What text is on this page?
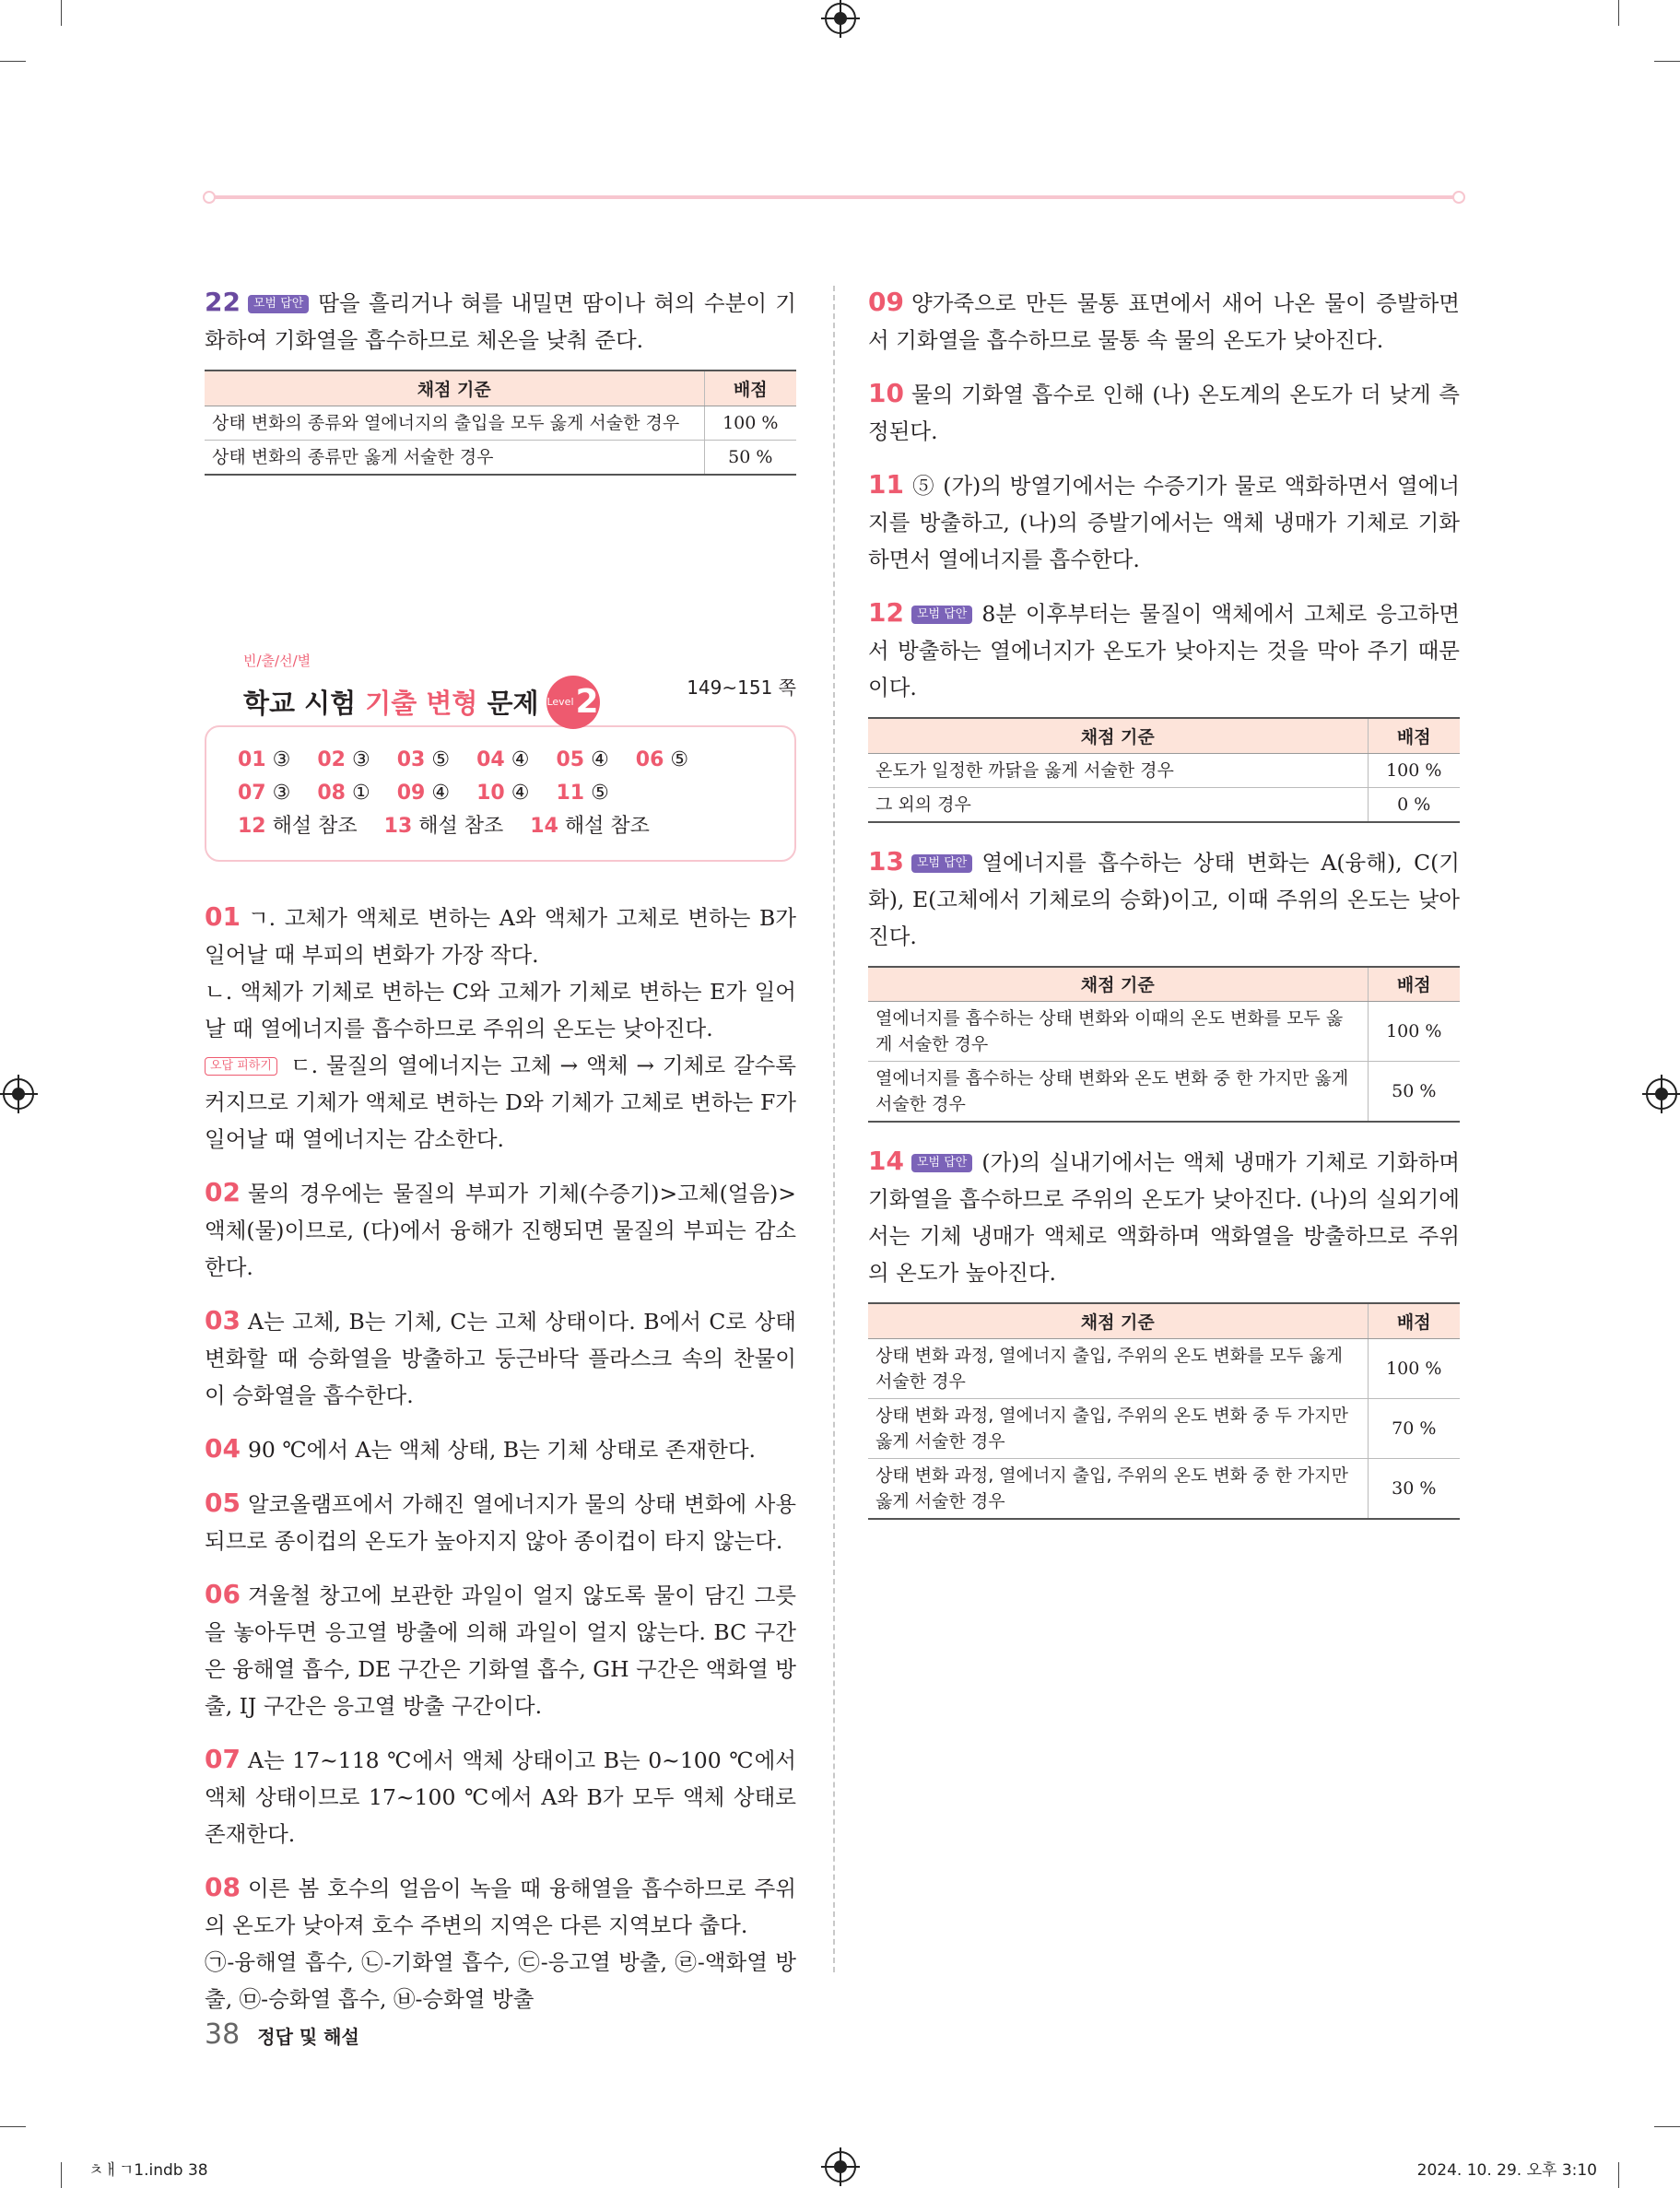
22 모범 답안 땀을 흘리거나 혀를 내밀면 땀이나 혀의 수분이 기화하여 기화열을 흡수하므로 체온을 낮춰 준다.

채점 기준	배점
상태 변화의 종류와 열에너지의 출입을 모두 옳게 서술한 경우	100 %
상태 변화의 종류만 옳게 서술한 경우	50 %
빈/출/선/별
학교 시험 기출 변형 문제 Level 2	149~151 쪽
01 ③ 02 ③ 03 ⑤ 04 ④ 05 ④ 06 ⑤ 07 ③ 08 ① 09 ④ 10 ④ 11 ⑤ 12 해설 참조 13 해설 참조 14 해설 참조

01 ㄱ. 고체가 액체로 변하는 A와 액체가 고체로 변하는 B가 일어날 때 부피의 변화가 가장 작다.

ㄴ. 액체가 기체로 변하는 C와 고체가 기체로 변하는 E가 일어날 때 열에너지를 흡수하므로 주위의 온도는 낮아진다.

오답 피하기 ㄷ. 물질의 열에너지는 고체 → 액체 → 기체로 갈수록 커지므로 기체가 액체로 변하는 D와 기체가 고체로 변하는 F가 일어날 때 열에너지는 감소한다.

02 물의 경우에는 물질의 부피가 기체(수증기)>고체(얼음)>액체(물)이므로, (다)에서 융해가 진행되면 물질의 부피는 감소한다.

03 A는 고체, B는 기체, C는 고체 상태이다. B에서 C로 상태 변화할 때 승화열을 방출하고 둥근바닥 플라스크 속의 찬물이 이 승화열을 흡수한다.

04 90 ℃에서 A는 액체 상태, B는 기체 상태로 존재한다.

05 알코올램프에서 가해진 열에너지가 물의 상태 변화에 사용되므로 종이컵의 온도가 높아지지 않아 종이컵이 타지 않는다.

06 겨울철 창고에 보관한 과일이 얼지 않도록 물이 담긴 그릇을 놓아두면 응고열 방출에 의해 과일이 얼지 않는다. BC 구간은 융해열 흡수, DE 구간은 기화열 흡수, GH 구간은 액화열 방출, IJ 구간은 응고열 방출 구간이다.

07 A는 17~118 ℃에서 액체 상태이고 B는 0~100 ℃에서 액체 상태이므로 17~100 ℃에서 A와 B가 모두 액체 상태로 존재한다.

08 이른 봄 호수의 얼음이 녹을 때 융해열을 흡수하므로 주위의 온도가 낮아져 호수 주변의 지역은 다른 지역보다 춥다.

㉠-융해열 흡수, ㉡-기화열 흡수, ㉢-응고열 방출, ㉣-액화열 방출, ㉤-승화열 흡수, ㉥-승화열 방출

09 양가죽으로 만든 물통 표면에서 새어 나온 물이 증발하면서 기화열을 흡수하므로 물통 속 물의 온도가 낮아진다.

10 물의 기화열 흡수로 인해 (나) 온도계의 온도가 더 낮게 측정된다.

11 ⑤ (가)의 방열기에서는 수증기가 물로 액화하면서 열에너지를 방출하고, (나)의 증발기에서는 액체 냉매가 기체로 기화하면서 열에너지를 흡수한다.

12 모범 답안 8분 이후부터는 물질이 액체에서 고체로 응고하면서 방출하는 열에너지가 온도가 낮아지는 것을 막아 주기 때문이다.

채점 기준	배점
온도가 일정한 까닭을 옳게 서술한 경우	100 %
그 외의 경우	0 %

13 모범 답안 열에너지를 흡수하는 상태 변화는 A(융해), C(기화), E(고체에서 기체로의 승화)이고, 이때 주위의 온도는 낮아진다.

채점 기준	배점
열에너지를 흡수하는 상태 변화와 이때의 온도 변화를 모두 옳게 서술한 경우	100 %
열에너지를 흡수하는 상태 변화와 온도 변화 중 한 가지만 옳게 서술한 경우	50 %

14 모범 답안 (가)의 실내기에서는 액체 냉매가 기체로 기화하며 기화열을 흡수하므로 주위의 온도가 낮아진다. (나)의 실외기에서는 기체 냉매가 액체로 액화하며 액화열을 방출하므로 주위의 온도가 높아진다.

채점 기준	배점
상태 변화 과정, 열에너지 출입, 주위의 온도 변화를 모두 옳게 서술한 경우	100 %
상태 변화 과정, 열에너지 출입, 주위의 온도 변화 중 두 가지만 옳게 서술한 경우	70 %
상태 변화 과정, 열에너지 출입, 주위의 온도 변화 중 한 가지만 옳게 서술한 경우	30 %
38 정답 및 해설
ㅊㅐㄱ1.indb 38	2024. 10. 29. 오후 3:10
